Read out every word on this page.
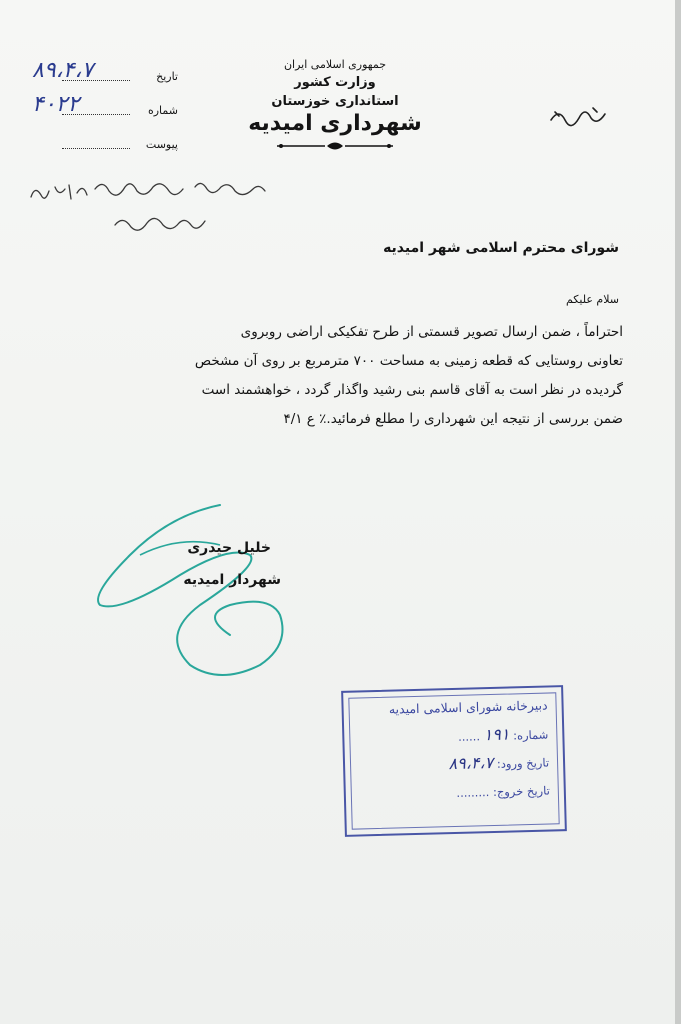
جمهوری اسلامی ایران
وزارت کشور
استانداری خوزستان
شهرداری امیدیه
تاریخ
۸۹،۴،۷
شماره
۴۰۲۲
پیوست
شورای محترم اسلامی شهر امیدیه
سلام علیکم

احتراماً ، ضمن ارسال تصویر قسمتی از طرح تفکیکی اراضی روبروی

تعاونی روستایی که قطعه زمینی به مساحت ۷۰۰ مترمربع بر روی آن مشخص

گردیده در نظر است به آقای قاسم بنی رشید واگذار گردد ، خواهشمند است

ضمن بررسی از نتیجه این شهرداری را مطلع فرمائید.٪ ع ۴/۱

خلیل حیدری
شهردار امیدیه
دبیرخانه شورای اسلامی امیدیه
شماره: ۱۹۱ ......
تاریخ ورود: ۸۹،۴،۷
تاریخ خروج: .........
